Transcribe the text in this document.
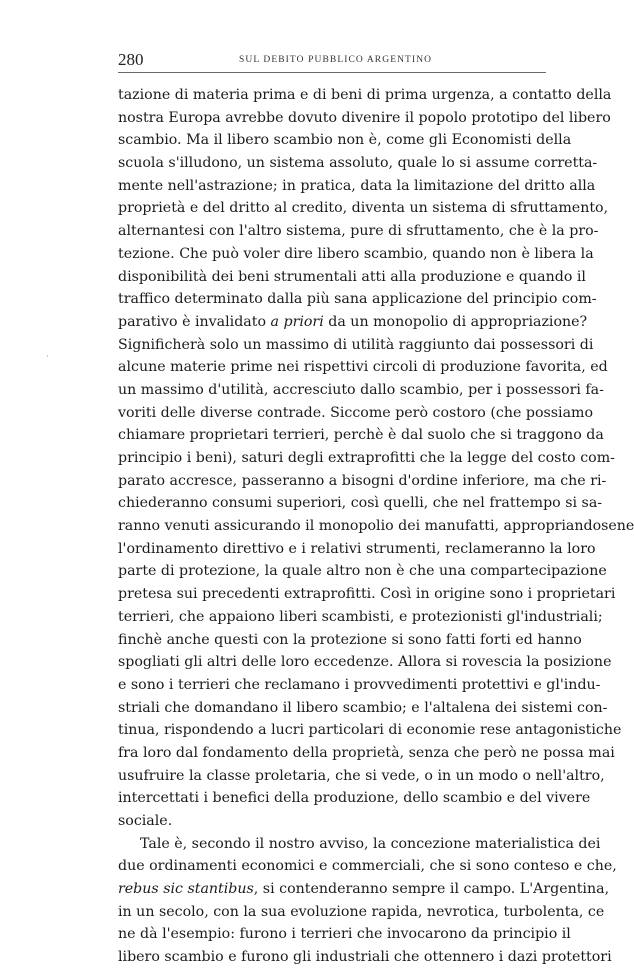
280	SUL DEBITO PUBBLICO ARGENTINO
·
tazione di materia prima e di beni di prima urgenza, a contatto della
nostra Europa avrebbe dovuto divenire il popolo prototipo del libero
scambio. Ma il libero scambio non è, come gli Economisti della
scuola s'illudono, un sistema assoluto, quale lo si assume corretta-
mente nell'astrazione; in pratica, data la limitazione del dritto alla
proprietà e del dritto al credito, diventa un sistema di sfruttamento,
alternantesi con l'altro sistema, pure di sfruttamento, che è la pro-
tezione. Che può voler dire libero scambio, quando non è libera la
disponibilità dei beni strumentali atti alla produzione e quando il
traffico determinato dalla più sana applicazione del principio com-
parativo è invalidato a priori da un monopolio di appropriazione?
Significherà solo un massimo di utilità raggiunto dai possessori di
alcune materie prime nei rispettivi circoli di produzione favorita, ed
un massimo d'utilità, accresciuto dallo scambio, per i possessori fa-
voriti delle diverse contrade. Siccome però costoro (che possiamo
chiamare proprietari terrieri, perchè è dal suolo che si traggono da
principio i beni), saturi degli extraprofitti che la legge del costo com-
parato accresce, passeranno a bisogni d'ordine inferiore, ma che ri-
chiederanno consumi superiori, così quelli, che nel frattempo si sa-
ranno venuti assicurando il monopolio dei manufatti, appropriandosene
l'ordinamento direttivo e i relativi strumenti, reclameranno la loro
parte di protezione, la quale altro non è che una compartecipazione
pretesa sui precedenti extraprofitti. Così in origine sono i proprietari
terrieri, che appaiono liberi scambisti, e protezionisti gl'industriali;
finchè anche questi con la protezione si sono fatti forti ed hanno
spogliati gli altri delle loro eccedenze. Allora si rovescia la posizione
e sono i terrieri che reclamano i provvedimenti protettivi e gl'indu-
striali che domandano il libero scambio; e l'altalena dei sistemi con-
tinua, rispondendo a lucri particolari di economie rese antagonistiche
fra loro dal fondamento della proprietà, senza che però ne possa mai
usufruire la classe proletaria, che si vede, o in un modo o nell'altro,
intercettati i benefici della produzione, dello scambio e del vivere
sociale.
Tale è, secondo il nostro avviso, la concezione materialistica dei
due ordinamenti economici e commerciali, che si sono conteso e che,
rebus sic stantibus, si contenderanno sempre il campo. L'Argentina,
in un secolo, con la sua evoluzione rapida, nevrotica, turbolenta, ce
ne dà l'esempio: furono i terrieri che invocarono da principio il
libero scambio e furono gli industriali che ottennero i dazi protettori
